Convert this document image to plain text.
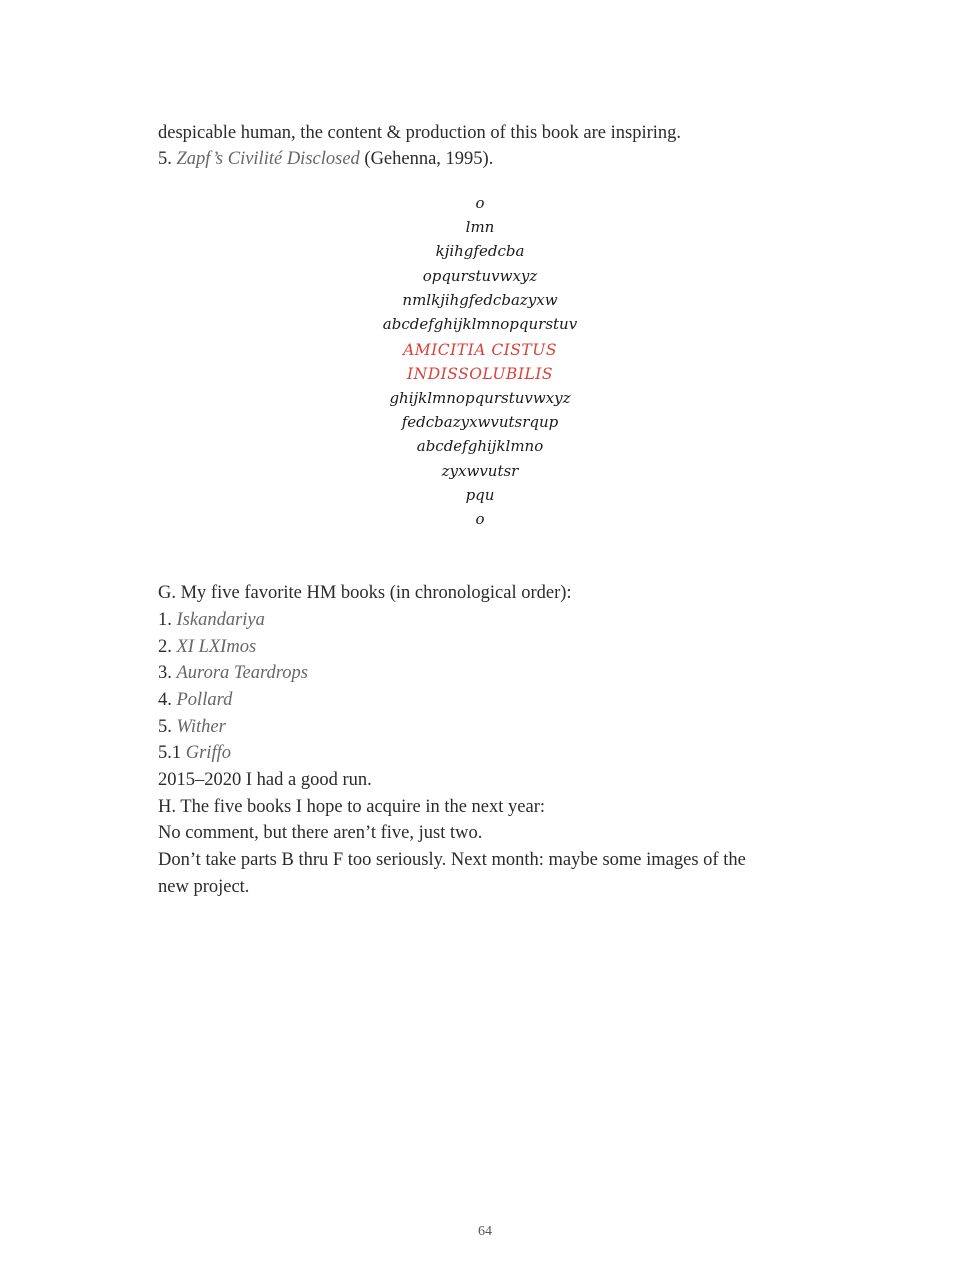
despicable human, the content & production of this book are inspiring.
5. Zapf’s Civilité Disclosed (Gehenna, 1995).
o
lmn
kjihgfedcba
opqurstuvwxyz
nmlkjihgfedcbazyxw
abcdefghijklmnopqurstuv
AMICITIA CISTUS
INDISSOLUBILIS
ghijklmnopqurstuvwxyz
fedcbazyxwvutsrqup
abcdefghijklmno
zyxwvutsr
pqu
o
G. My five favorite HM books (in chronological order):
1. Iskandariya
2. XI LXImos
3. Aurora Teardrops
4. Pollard
5. Wither
5.1 Griffo
2015–2020 I had a good run.
H. The five books I hope to acquire in the next year:
No comment, but there aren’t five, just two.
Don’t take parts B thru F too seriously. Next month: maybe some images of the
new project.
64
